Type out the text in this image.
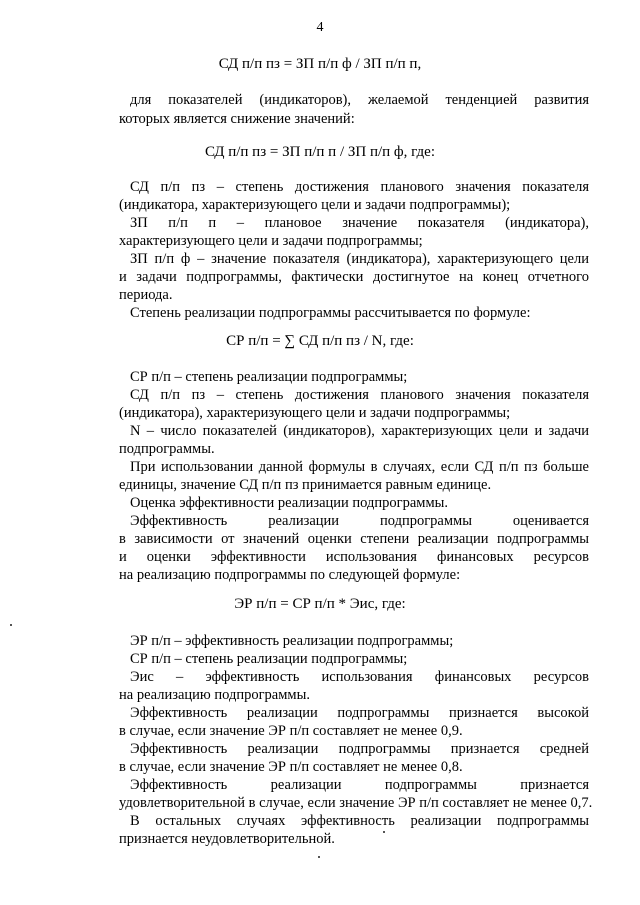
4
СД п/п пз = ЗП п/п ф / ЗП п/п п,
для показателей (индикаторов), желаемой тенденцией развития
которых является снижение значений:
СД п/п пз = ЗП п/п п / ЗП п/п ф, где:
СД п/п пз – степень достижения планового значения показателя
(индикатора, характеризующего цели и задачи подпрограммы);
ЗП п/п п – плановое значение показателя (индикатора),
характеризующего цели и задачи подпрограммы;
ЗП п/п ф – значение показателя (индикатора), характеризующего цели
и задачи подпрограммы, фактически достигнутое на конец отчетного
периода.
Степень реализации подпрограммы рассчитывается по формуле:
СР п/п = ∑ СД п/п пз / N, где:
СР п/п – степень реализации подпрограммы;
СД п/п пз – степень достижения планового значения показателя
(индикатора), характеризующего цели и задачи подпрограммы;
N – число показателей (индикаторов), характеризующих цели и задачи
подпрограммы.
При использовании данной формулы в случаях, если СД п/п пз больше
единицы, значение СД п/п пз принимается равным единице.
Оценка эффективности реализации подпрограммы.
Эффективность реализации подпрограммы оценивается
в зависимости от значений оценки степени реализации подпрограммы
и оценки эффективности использования финансовых ресурсов
на реализацию подпрограммы по следующей формуле:
ЭР п/п = СР п/п * Эис, где:
ЭР п/п – эффективность реализации подпрограммы;
СР п/п – степень реализации подпрограммы;
Эис – эффективность использования финансовых ресурсов
на реализацию подпрограммы.
Эффективность реализации подпрограммы признается высокой
в случае, если значение ЭР п/п составляет не менее 0,9.
Эффективность реализации подпрограммы признается средней
в случае, если значение ЭР п/п составляет не менее 0,8.
Эффективность реализации подпрограммы признается
удовлетворительной в случае, если значение ЭР п/п составляет не менее 0,7.
В остальных случаях эффективность реализации подпрограммы
признается неудовлетворительной.
